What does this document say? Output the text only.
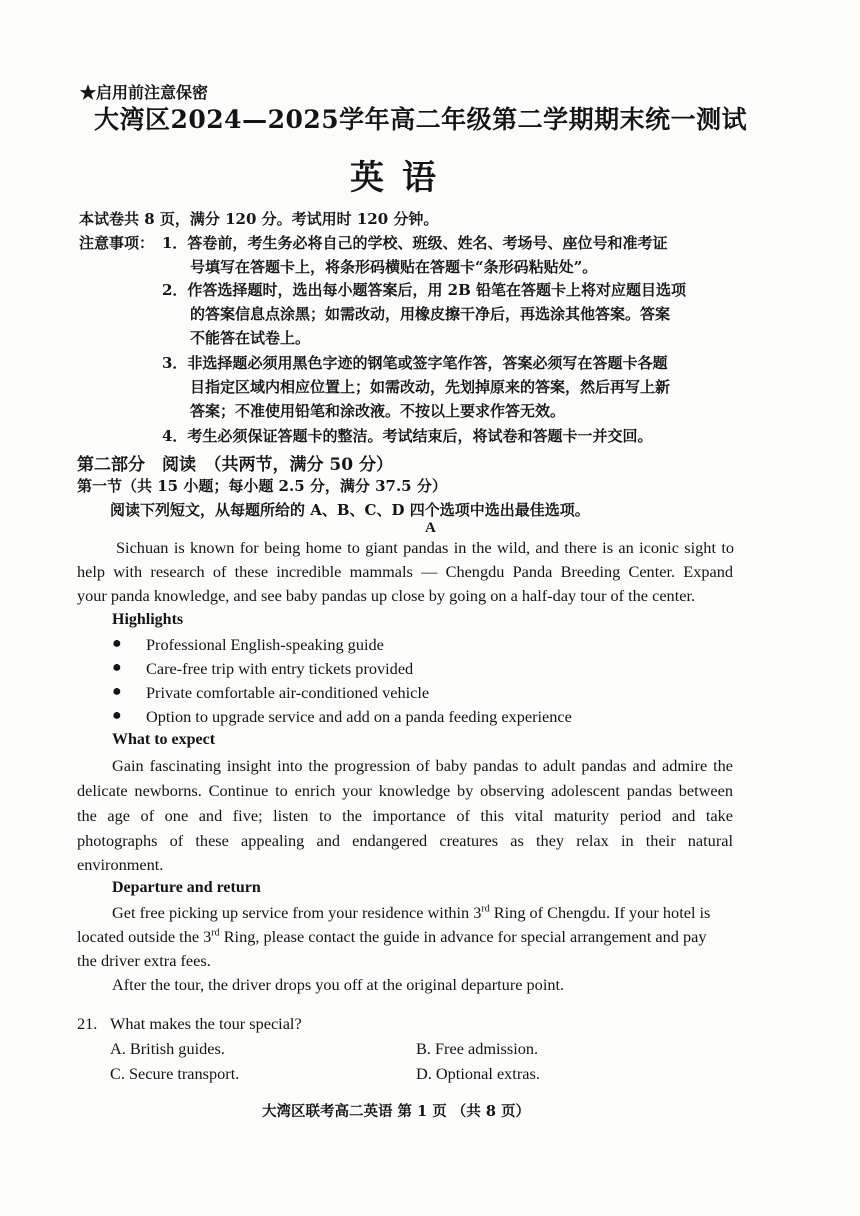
★启用前注意保密
大湾区2024—2025学年高二年级第二学期期末统一测试
英语
本试卷共 8 页，满分 120 分。考试用时 120 分钟。
注意事项： 1．答卷前，考生务必将自己的学校、班级、姓名、考场号、座位号和准考证
号填写在答题卡上，将条形码横贴在答题卡“条形码粘贴处”。
2．作答选择题时，选出每小题答案后，用 2B 铅笔在答题卡上将对应题目选项
的答案信息点涂黑；如需改动，用橡皮擦干净后，再选涂其他答案。答案
不能答在试卷上。
3．非选择题必须用黑色字迹的钢笔或签字笔作答，答案必须写在答题卡各题
目指定区域内相应位置上；如需改动，先划掉原来的答案，然后再写上新
答案；不准使用铅笔和涂改液。不按以上要求作答无效。
4．考生必须保证答题卡的整洁。考试结束后，将试卷和答题卡一并交回。
第二部分　阅读　（共两节，满分 50 分）
第一节（共 15 小题；每小题 2.5 分，满分 37.5 分）
阅读下列短文，从每题所给的 A、B、C、D 四个选项中选出最佳选项。
A
Sichuan is known for being home to giant pandas in the wild, and there is an iconic sight to
help with research of these incredible mammals — Chengdu Panda Breeding Center. Expand
your panda knowledge, and see baby pandas up close by going on a half-day tour of the center.
Highlights
● Professional English-speaking guide
● Care-free trip with entry tickets provided
● Private comfortable air-conditioned vehicle
● Option to upgrade service and add on a panda feeding experience
What to expect
Gain fascinating insight into the progression of baby pandas to adult pandas and admire the
delicate newborns. Continue to enrich your knowledge by observing adolescent pandas between
the age of one and five; listen to the importance of this vital maturity period and take
photographs of these appealing and endangered creatures as they relax in their natural
environment.
Departure and return
Get free picking up service from your residence within 3rd Ring of Chengdu. If your hotel is
located outside the 3rd Ring, please contact the guide in advance for special arrangement and pay
the driver extra fees.
After the tour, the driver drops you off at the original departure point.
21. What makes the tour special?
A. British guides.	B. Free admission.
C. Secure transport.	D. Optional extras.
大湾区联考高二英语 第 1 页 （共 8 页）
